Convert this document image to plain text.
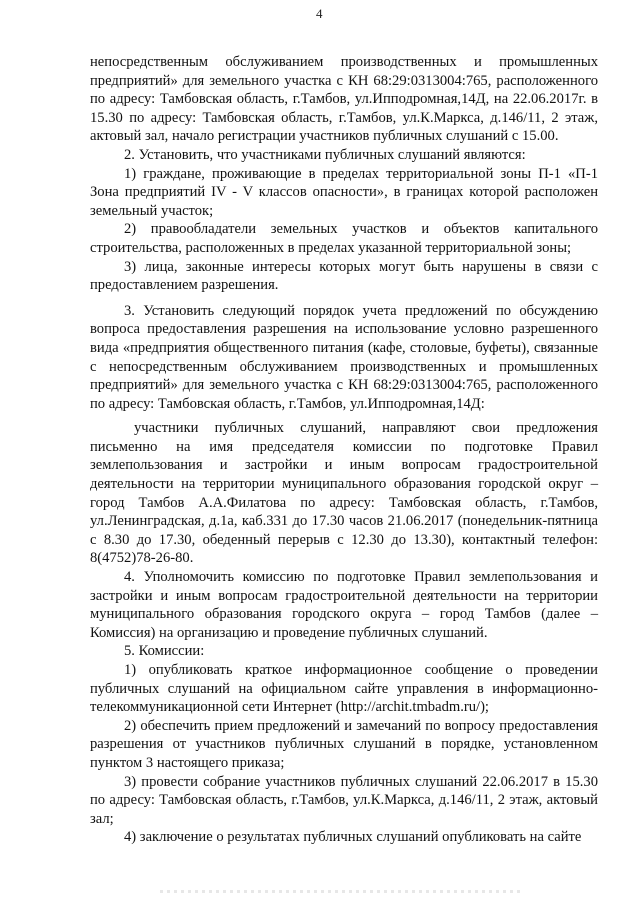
4

непосредственным обслуживанием производственных и промышленных предприятий» для земельного участка с КН 68:29:0313004:765, расположенного по адресу: Тамбовская область, г.Тамбов, ул.Ипподромная,14Д, на 22.06.2017г. в 15.30 по адресу: Тамбовская область, г.Тамбов, ул.К.Маркса, д.146/11, 2 этаж, актовый зал, начало регистрации участников публичных слушаний с 15.00.

2. Установить, что участниками публичных слушаний являются:

1) граждане, проживающие в пределах территориальной зоны П-1 «П-1 Зона предприятий IV - V классов опасности», в границах которой расположен земельный участок;

2) правообладатели земельных участков и объектов капитального строительства, расположенных в пределах указанной территориальной зоны;

3) лица, законные интересы которых могут быть нарушены в связи с предоставлением разрешения.

3. Установить следующий порядок учета предложений по обсуждению вопроса предоставления разрешения на использование условно разрешенного вида «предприятия общественного питания (кафе, столовые, буфеты), связанные с непосредственным обслуживанием производственных и промышленных предприятий» для земельного участка с КН 68:29:0313004:765, расположенного по адресу: Тамбовская область, г.Тамбов, ул.Ипподромная,14Д:

участники публичных слушаний, направляют свои предложения письменно на имя председателя комиссии по подготовке Правил землепользования и застройки и иным вопросам градостроительной деятельности на территории муниципального образования городской округ – город Тамбов А.А.Филатова по адресу: Тамбовская область, г.Тамбов, ул.Ленинградская, д.1а, каб.331 до 17.30 часов 21.06.2017 (понедельник-пятница с 8.30 до 17.30, обеденный перерыв с 12.30 до 13.30), контактный телефон: 8(4752)78-26-80.

4. Уполномочить комиссию по подготовке Правил землепользования и застройки и иным вопросам градостроительной деятельности на территории муниципального образования городского округа – город Тамбов (далее – Комиссия) на организацию и проведение публичных слушаний.

5. Комиссии:

1) опубликовать краткое информационное сообщение о проведении публичных слушаний на официальном сайте управления в информационно-телекоммуникационной сети Интернет (http://archit.tmbadm.ru/);

2) обеспечить прием предложений и замечаний по вопросу предоставления разрешения от участников публичных слушаний в порядке, установленном пунктом 3 настоящего приказа;

3) провести собрание участников публичных слушаний 22.06.2017 в 15.30 по адресу: Тамбовская область, г.Тамбов, ул.К.Маркса, д.146/11, 2 этаж, актовый зал;

4) заключение о результатах публичных слушаний опубликовать на сайте
